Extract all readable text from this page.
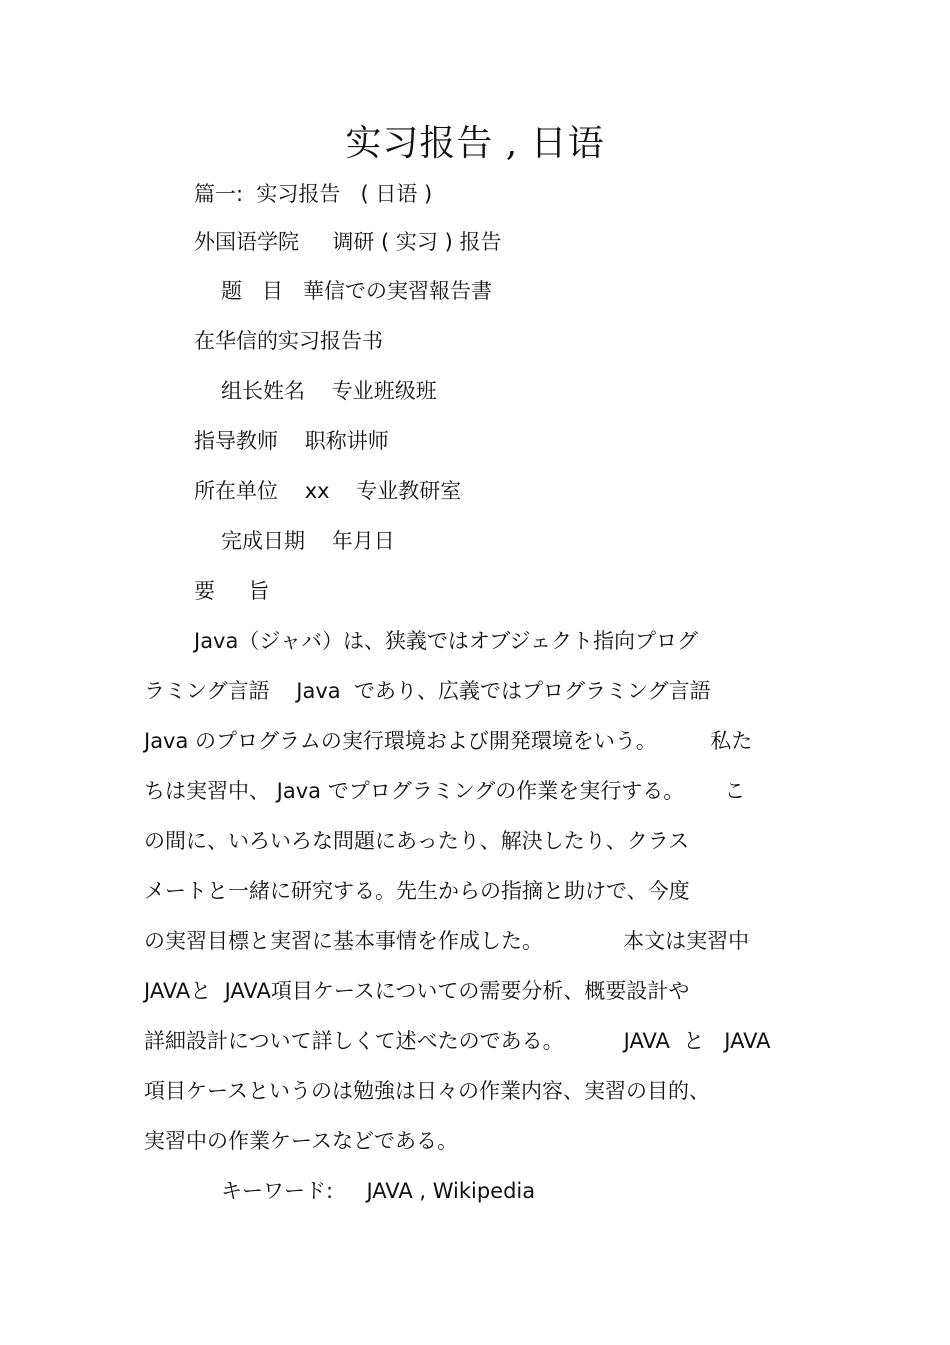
实习报告 , 日语
篇一:  实习报告   ( 日语 )
外国语学院     调研 ( 实习 ) 报告
题   目   華信での実習報告書
在华信的实习报告书
组长姓名    专业班级班
指导教师    职称讲师
所在单位    xx    专业教研室
完成日期    年月日
要     旨
Java（ジャバ）は、狭義ではオブジェクト指向プログ
ラミング言語    Java  であり、広義ではプログラミング言語
Java のプログラムの実行環境および開発環境をいう。        私た
ちは実習中、 Java でプログラミングの作業を実行する。      こ
の間に、いろいろな問題にあったり、解決したり、クラス
メートと一緒に研究する。先生からの指摘と助けで、今度
の実習目標と実習に基本事情を作成した。            本文は実習中
JAVAと  JAVA項目ケースについての需要分析、概要設計や
詳細設計について詳しくて述べたのである。         JAVA  と   JAVA
項目ケースというのは勉強は日々の作業内容、実習の目的、
実習中の作業ケースなどである。
キーワード:     JAVA , Wikipedia
